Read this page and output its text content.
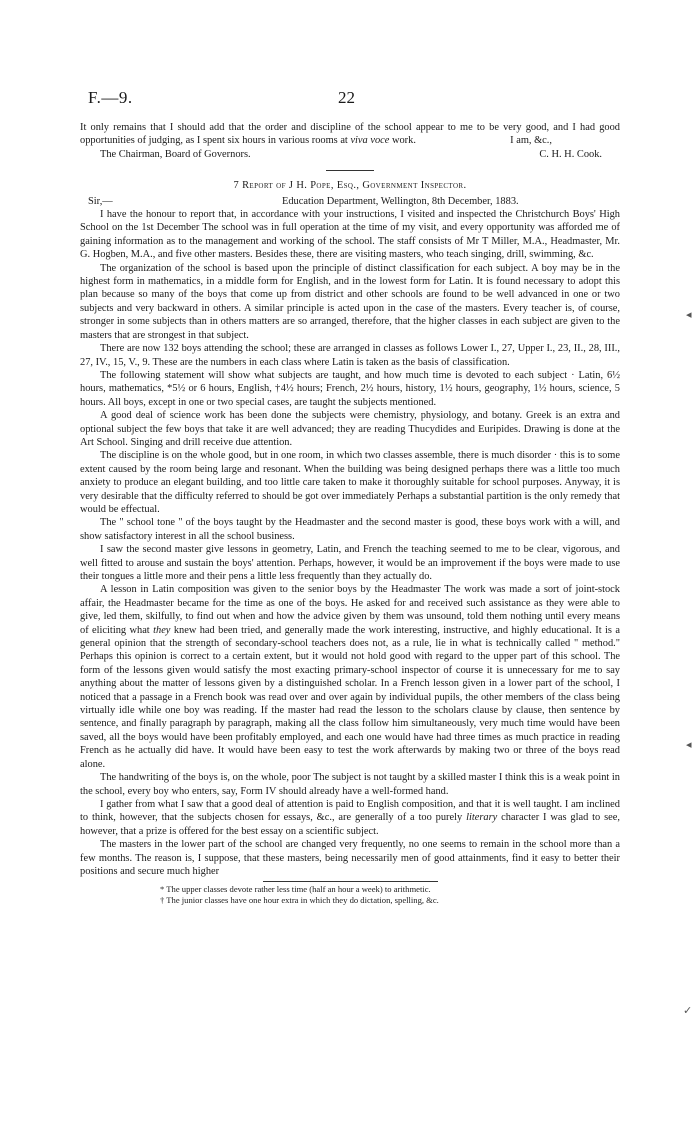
F.—9.	22

It only remains that I should add that the order and discipline of the school appear to me to be very good, and I had good opportunities of judging, as I spent six hours in various rooms at viva voce work.	I am, &c.,

The Chairman, Board of Governors.	C. H. H. Cook.

7 Report of J H. Pope, Esq., Government Inspector.

Sir,—	Education Department, Wellington, 8th December, 1883.

I have the honour to report that, in accordance with your instructions, I visited and inspected the Christchurch Boys' High School on the 1st December The school was in full operation at the time of my visit, and every opportunity was afforded me of gaining information as to the management and working of the school. The staff consists of Mr T Miller, M.A., Headmaster, Mr. G. Hogben, M.A., and five other masters. Besides these, there are visiting masters, who teach singing, drill, swimming, &c.

The organization of the school is based upon the principle of distinct classification for each subject. A boy may be in the highest form in mathematics, in a middle form for English, and in the lowest form for Latin. It is found necessary to adopt this plan because so many of the boys that come up from district and other schools are found to be well advanced in one or two subjects and very backward in others. A similar principle is acted upon in the case of the masters. Every teacher is, of course, stronger in some subjects than in others matters are so arranged, therefore, that the higher classes in each subject are given to the masters that are strongest in that subject.

There are now 132 boys attending the school; these are arranged in classes as follows Lower I., 27, Upper I., 23, II., 28, III., 27, IV., 15, V., 9. These are the numbers in each class where Latin is taken as the basis of classification.

The following statement will show what subjects are taught, and how much time is devoted to each subject · Latin, 6½ hours, mathematics, *5½ or 6 hours, English, †4½ hours; French, 2½ hours, history, 1½ hours, geography, 1½ hours, science, 5 hours. All boys, except in one or two special cases, are taught the subjects mentioned.

A good deal of science work has been done the subjects were chemistry, physiology, and botany. Greek is an extra and optional subject the few boys that take it are well advanced; they are reading Thucydides and Euripides. Drawing is done at the Art School. Singing and drill receive due attention.

The discipline is on the whole good, but in one room, in which two classes assemble, there is much disorder · this is to some extent caused by the room being large and resonant. When the building was being designed perhaps there was a little too much anxiety to produce an elegant building, and too little care taken to make it thoroughly suitable for school purposes. Anyway, it is very desirable that the difficulty referred to should be got over immediately Perhaps a substantial partition is the only remedy that would be effectual.

The " school tone " of the boys taught by the Headmaster and the second master is good, these boys work with a will, and show satisfactory interest in all the school business.

I saw the second master give lessons in geometry, Latin, and French the teaching seemed to me to be clear, vigorous, and well fitted to arouse and sustain the boys' attention. Perhaps, however, it would be an improvement if the boys were made to use their tongues a little more and their pens a little less frequently than they actually do.

A lesson in Latin composition was given to the senior boys by the Headmaster The work was made a sort of joint-stock affair, the Headmaster became for the time as one of the boys. He asked for and received such assistance as they were able to give, led them, skilfully, to find out when and how the advice given by them was unsound, told them nothing until every means of eliciting what they knew had been tried, and generally made the work interesting, instructive, and highly educational. It is a general opinion that the strength of secondary-school teachers does not, as a rule, lie in what is technically called " method." Perhaps this opinion is correct to a certain extent, but it would not hold good with regard to the upper part of this school. The form of the lessons given would satisfy the most exacting primary-school inspector of course it is unnecessary for me to say anything about the matter of lessons given by a distinguished scholar. In a French lesson given in a lower part of the school, I noticed that a passage in a French book was read over and over again by individual pupils, the other members of the class being virtually idle while one boy was reading. If the master had read the lesson to the scholars clause by clause, then sentence by sentence, and finally paragraph by paragraph, making all the class follow him simultaneously, very much time would have been saved, all the boys would have been profitably employed, and each one would have had three times as much practice in reading French as he actually did have. It would have been easy to test the work afterwards by making two or three of the boys read alone.

The handwriting of the boys is, on the whole, poor The subject is not taught by a skilled master I think this is a weak point in the school, every boy who enters, say, Form IV should already have a well-formed hand.

I gather from what I saw that a good deal of attention is paid to English composition, and that it is well taught. I am inclined to think, however, that the subjects chosen for essays, &c., are generally of a too purely literary character I was glad to see, however, that a prize is offered for the best essay on a scientific subject.

The masters in the lower part of the school are changed very frequently, no one seems to remain in the school more than a few months. The reason is, I suppose, that these masters, being necessarily men of good attainments, find it easy to better their positions and secure much higher

* The upper classes devote rather less time (half an hour a week) to arithmetic.

† The junior classes have one hour extra in which they do dictation, spelling, &c.

◂
◂
✓
